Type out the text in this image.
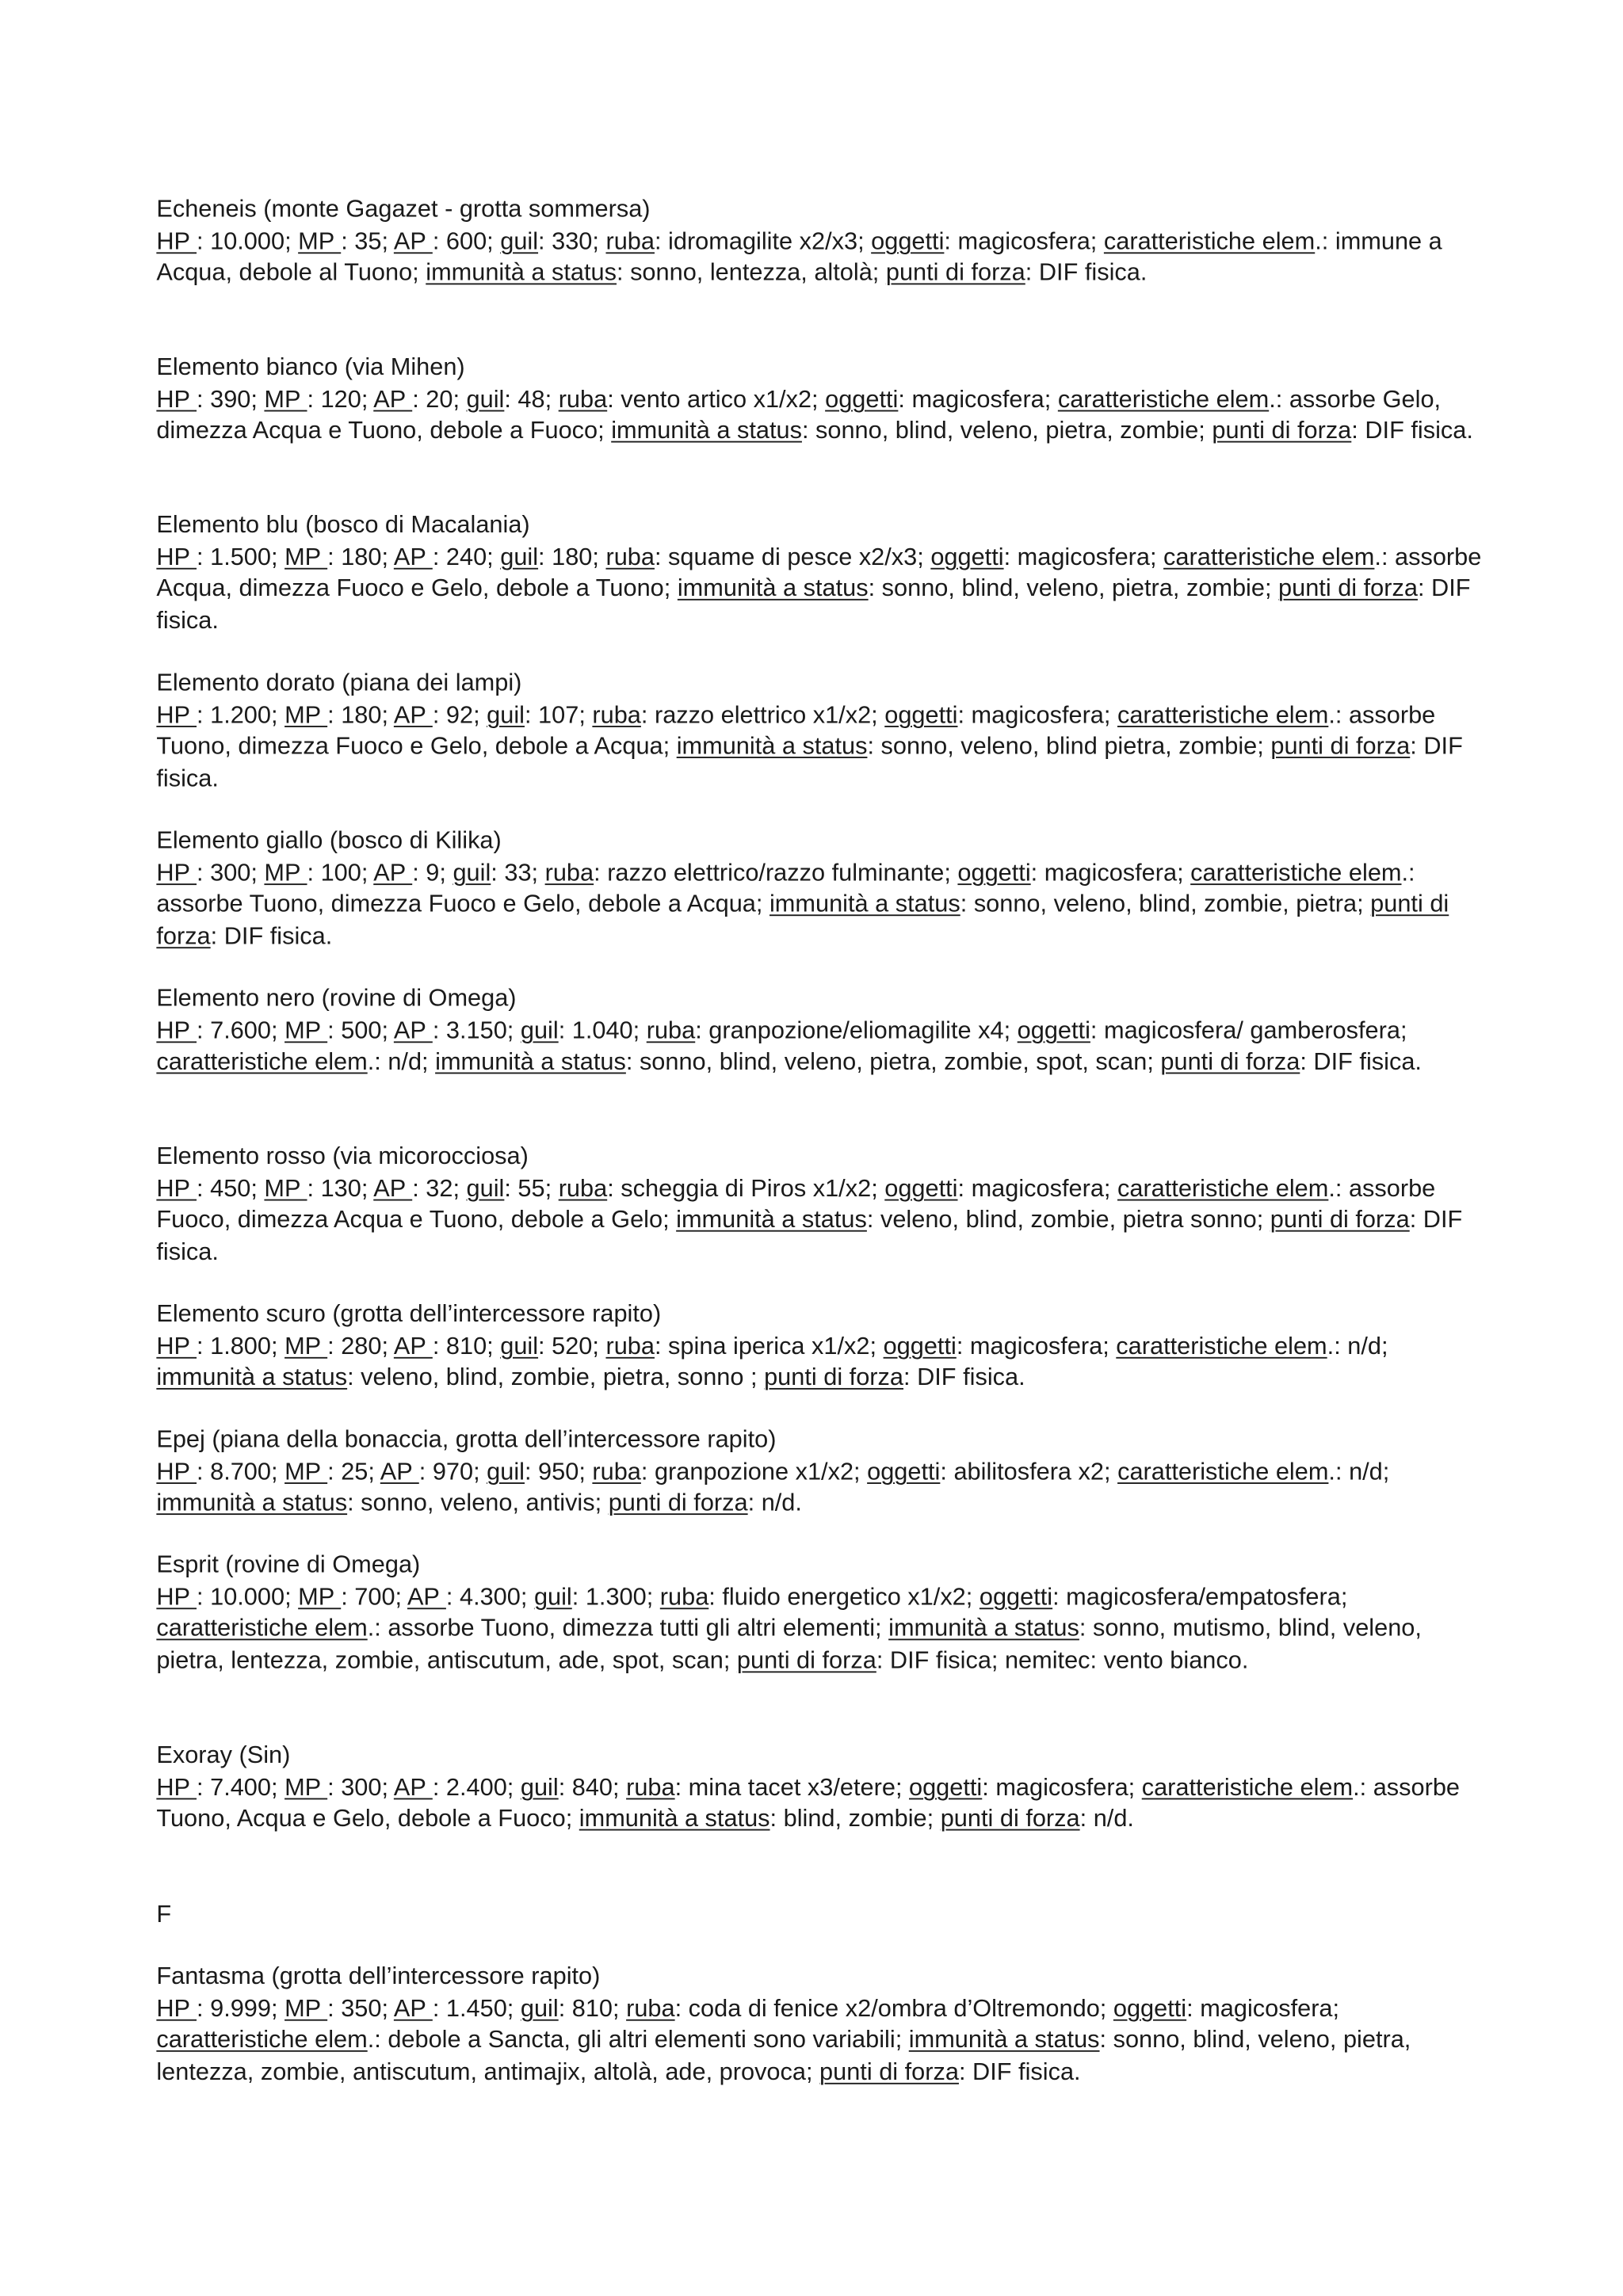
F
Echeneis (monte Gagazet - grotta sommersa)
HP : 10.000; MP : 35; AP : 600; guil: 330; ruba: idromagilite x2/x3; oggetti: magicosfera; caratteristiche elem.: immune a Acqua, debole al Tuono; immunità a status: sonno, lentezza, altolà; punti di forza: DIF fisica.
Elemento bianco (via Mihen)
HP : 390; MP : 120; AP : 20; guil: 48; ruba: vento artico x1/x2; oggetti: magicosfera; caratteristiche elem.: assorbe Gelo, dimezza Acqua e Tuono, debole a Fuoco; immunità a status: sonno, blind, veleno, pietra, zombie; punti di forza: DIF fisica.
Elemento blu (bosco di Macalania)
HP : 1.500; MP : 180; AP : 240; guil: 180; ruba: squame di pesce x2/x3; oggetti: magicosfera; caratteristiche elem.: assorbe Acqua, dimezza Fuoco e Gelo, debole a Tuono; immunità a status: sonno, blind, veleno, pietra, zombie; punti di forza: DIF fisica.
Elemento dorato (piana dei lampi)
HP : 1.200; MP : 180; AP : 92; guil: 107; ruba: razzo elettrico x1/x2; oggetti: magicosfera; caratteristiche elem.: assorbe Tuono, dimezza Fuoco e Gelo, debole a Acqua; immunità a status: sonno, veleno, blind pietra, zombie; punti di forza: DIF fisica.
Elemento giallo (bosco di Kilika)
HP : 300; MP : 100; AP : 9; guil: 33; ruba: razzo elettrico/razzo fulminante; oggetti: magicosfera; caratteristiche elem.: assorbe Tuono, dimezza Fuoco e Gelo, debole a Acqua; immunità a status: sonno, veleno, blind, zombie, pietra; punti di forza: DIF fisica.
Elemento nero (rovine di Omega)
HP : 7.600; MP : 500; AP : 3.150; guil: 1.040; ruba: granpozione/eliomagilite x4; oggetti: magicosfera/ gamberosfera; caratteristiche elem.: n/d; immunità a status: sonno, blind, veleno, pietra, zombie, spot, scan; punti di forza: DIF fisica.
Elemento rosso (via micorocciosa)
HP : 450; MP : 130; AP : 32; guil: 55; ruba: scheggia di Piros x1/x2; oggetti: magicosfera; caratteristiche elem.: assorbe Fuoco, dimezza Acqua e Tuono, debole a Gelo; immunità a status: veleno, blind, zombie, pietra sonno; punti di forza: DIF fisica.
Elemento scuro (grotta dell’intercessore rapito)
HP : 1.800; MP : 280; AP : 810; guil: 520; ruba: spina iperica x1/x2; oggetti: magicosfera; caratteristiche elem.: n/d; immunità a status: veleno, blind, zombie, pietra, sonno ; punti di forza: DIF fisica.
Epej (piana della bonaccia, grotta dell’intercessore rapito)
HP : 8.700; MP : 25; AP : 970; guil: 950; ruba: granpozione x1/x2; oggetti: abilitosfera x2; caratteristiche elem.: n/d; immunità a status: sonno, veleno, antivis; punti di forza: n/d.
Esprit (rovine di Omega)
HP : 10.000; MP : 700; AP : 4.300; guil: 1.300; ruba: fluido energetico x1/x2; oggetti: magicosfera/empatosfera; caratteristiche elem.: assorbe Tuono, dimezza tutti gli altri elementi; immunità a status: sonno, mutismo, blind, veleno, pietra, lentezza, zombie, antiscutum, ade, spot, scan; punti di forza: DIF fisica; nemitec: vento bianco.
Exoray (Sin)
HP : 7.400; MP : 300; AP : 2.400; guil: 840; ruba: mina tacet x3/etere; oggetti: magicosfera; caratteristiche elem.: assorbe Tuono, Acqua e Gelo, debole a Fuoco; immunità a status: blind, zombie; punti di forza: n/d.
Fantasma (grotta dell’intercessore rapito)
HP : 9.999; MP : 350; AP : 1.450; guil: 810; ruba: coda di fenice x2/ombra d’Oltremondo; oggetti: magicosfera; caratteristiche elem.: debole a Sancta, gli altri elementi sono variabili; immunità a status: sonno, blind, veleno, pietra, lentezza, zombie, antiscutum, antimajix, altolà, ade, provoca; punti di forza: DIF fisica.
